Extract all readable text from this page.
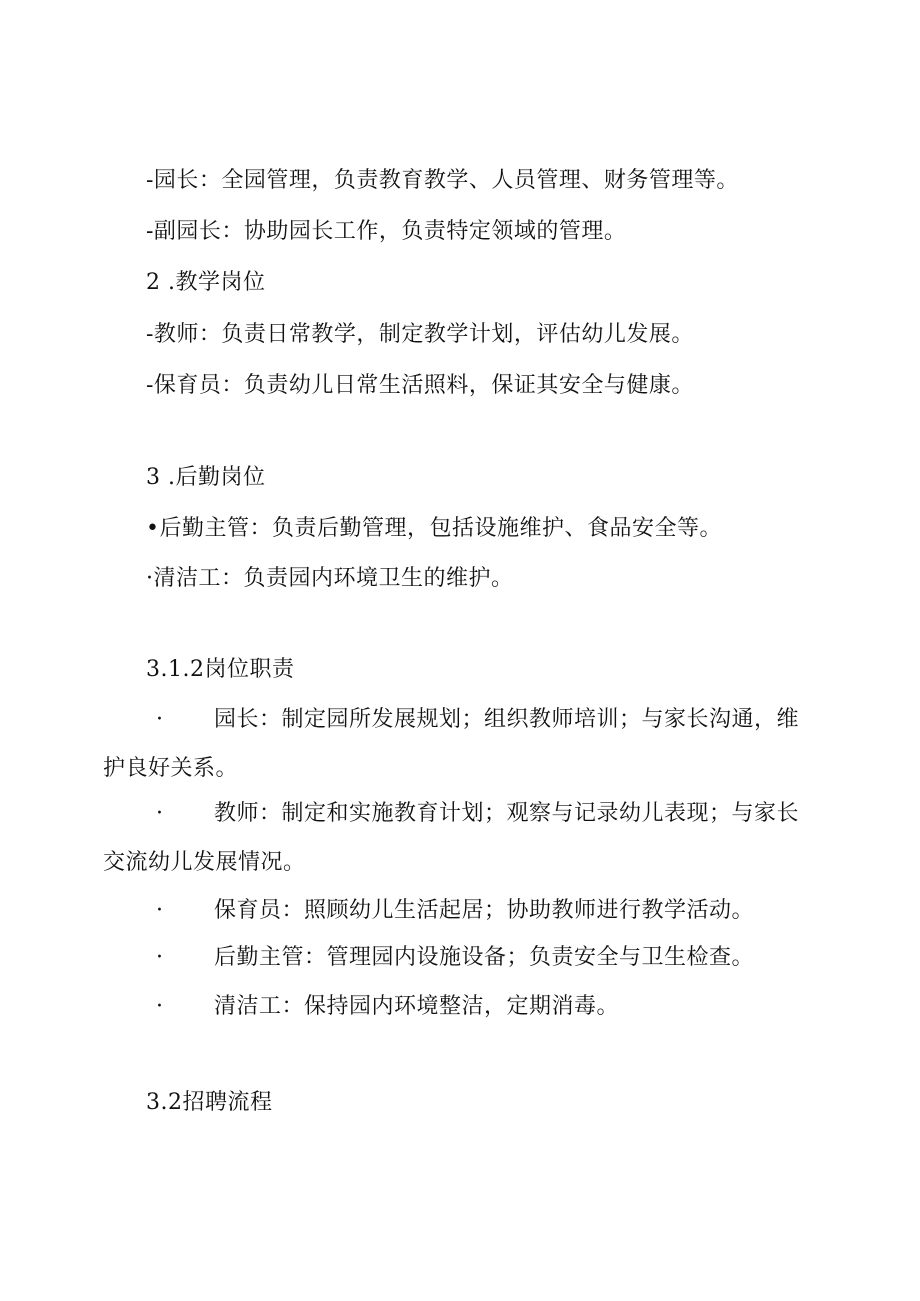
-园长：全园管理，负责教育教学、人员管理、财务管理等。
-副园长：协助园长工作，负责特定领域的管理。
2 .教学岗位
-教师：负责日常教学，制定教学计划，评估幼儿发展。
-保育员：负责幼儿日常生活照料，保证其安全与健康。
3 .后勤岗位
•后勤主管：负责后勤管理，包括设施维护、食品安全等。
·清洁工：负责园内环境卫生的维护。
3.1.2岗位职责
· 园长：制定园所发展规划；组织教师培训；与家长沟通，维
护良好关系。
· 教师：制定和实施教育计划；观察与记录幼儿表现；与家长
交流幼儿发展情况。
· 保育员：照顾幼儿生活起居；协助教师进行教学活动。
· 后勤主管：管理园内设施设备；负责安全与卫生检查。
· 清洁工：保持园内环境整洁，定期消毒。
3.2招聘流程
